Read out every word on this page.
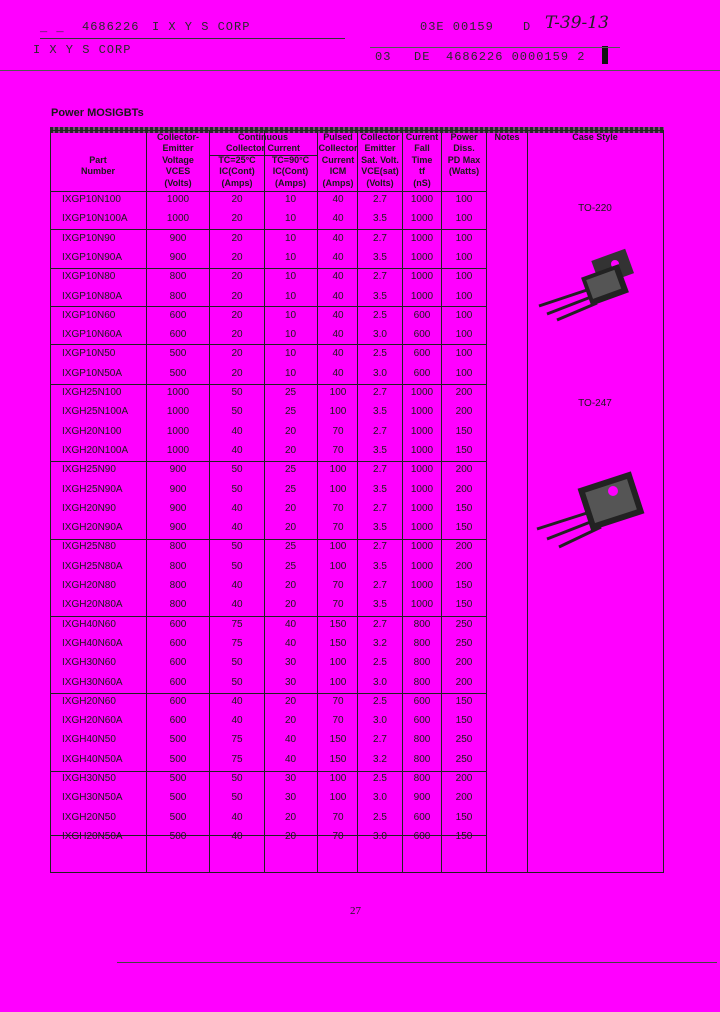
_ _ 4686226 I X Y S CORP	03E 00159 D T-39-13
I X Y S CORP	03 DE 4686226 0000159 2
Power MOSIGBTs
Part
Number
Collector-
Emitter
Voltage
VCES
(Volts)
Continuous
Collector Current
TC=25°C
IC(Cont)
(Amps)
TC=90°C
IC(Cont)
(Amps)
Pulsed
Collector
Current
ICM
(Amps)
Collector
Emitter
Sat. Volt.
VCE(sat)
(Volts)
Current
Fall
Time
tf
(nS)
Power
Diss.
PD Max
(Watts)
Notes	Case Style
IXGP10N100	1000	20	10	40	2.7	1000	100
IXGP10N100A	1000	20	10	40	3.5	1000	100
IXGP10N90	900	20	10	40	2.7	1000	100
IXGP10N90A	900	20	10	40	3.5	1000	100
IXGP10N80	800	20	10	40	2.7	1000	100
IXGP10N80A	800	20	10	40	3.5	1000	100
IXGP10N60	600	20	10	40	2.5	600	100
IXGP10N60A	600	20	10	40	3.0	600	100
IXGP10N50	500	20	10	40	2.5	600	100
IXGP10N50A	500	20	10	40	3.0	600	100
IXGH25N100	1000	50	25	100	2.7	1000	200
IXGH25N100A	1000	50	25	100	3.5	1000	200
IXGH20N100	1000	40	20	70	2.7	1000	150
IXGH20N100A	1000	40	20	70	3.5	1000	150
IXGH25N90	900	50	25	100	2.7	1000	200
IXGH25N90A	900	50	25	100	3.5	1000	200
IXGH20N90	900	40	20	70	2.7	1000	150
IXGH20N90A	900	40	20	70	3.5	1000	150
IXGH25N80	800	50	25	100	2.7	1000	200
IXGH25N80A	800	50	25	100	3.5	1000	200
IXGH20N80	800	40	20	70	2.7	1000	150
IXGH20N80A	800	40	20	70	3.5	1000	150
IXGH40N60	600	75	40	150	2.7	800	250
IXGH40N60A	600	75	40	150	3.2	800	250
IXGH30N60	600	50	30	100	2.5	800	200
IXGH30N60A	600	50	30	100	3.0	800	200
IXGH20N60	600	40	20	70	2.5	600	150
IXGH20N60A	600	40	20	70	3.0	600	150
IXGH40N50	500	75	40	150	2.7	800	250
IXGH40N50A	500	75	40	150	3.2	800	250
IXGH30N50	500	50	30	100	2.5	800	200
IXGH30N50A	500	50	30	100	3.0	900	200
IXGH20N50	500	40	20	70	2.5	600	150
IXGH20N50A	500	40	20	70	3.0	600	150
TO-220
TO-247
27
